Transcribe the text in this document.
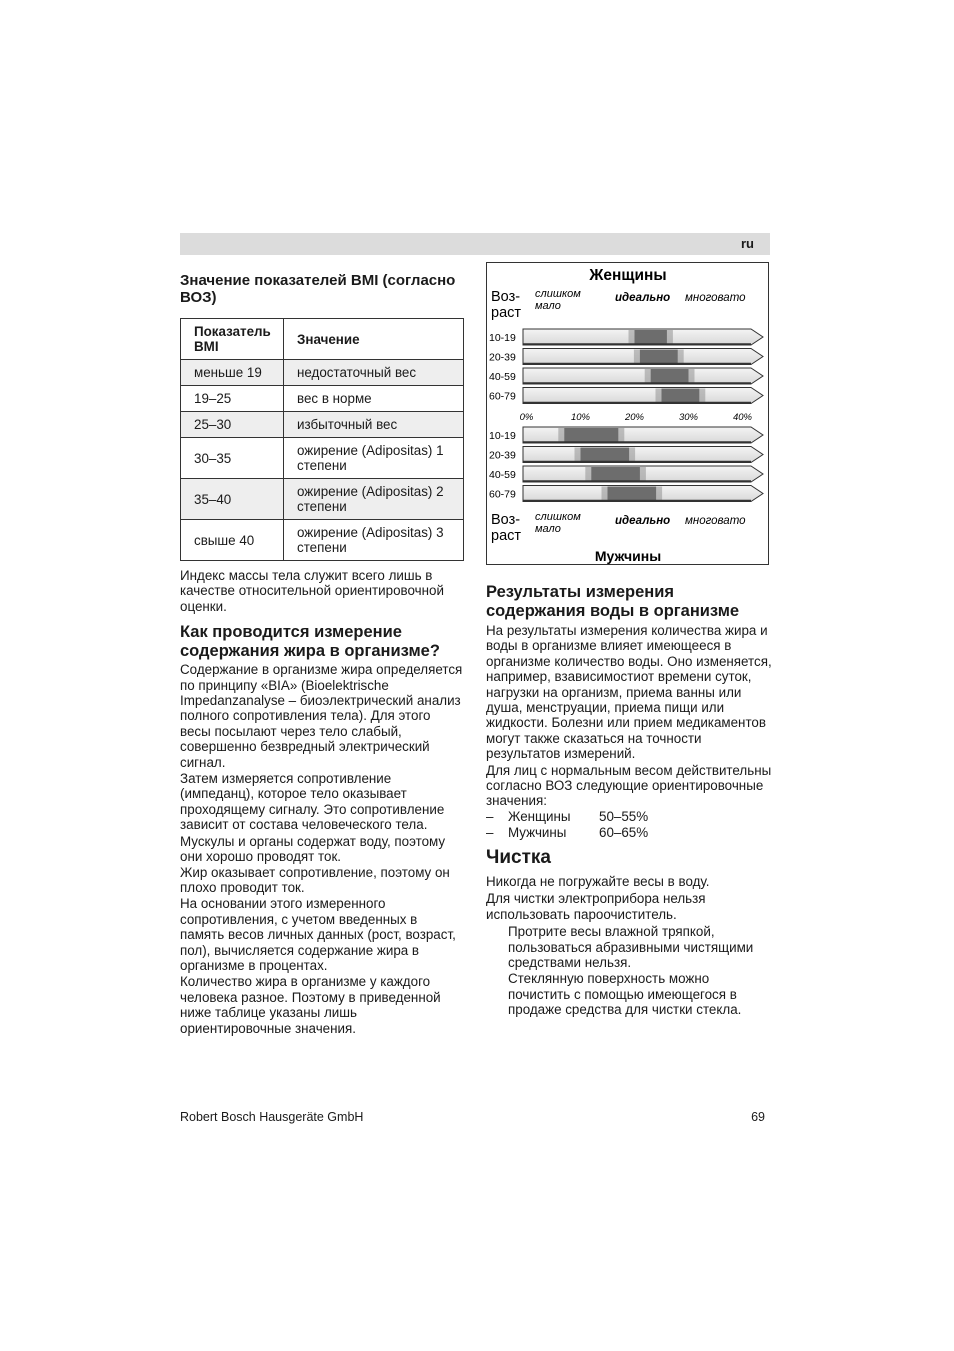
ru
Значение показателей BMI (согласно ВОЗ)
Показатель BMI	Значение
меньше 19	недостаточный вес
19–25	вес в норме
25–30	избыточный вес
30–35	ожирение (Adipositas) 1 степени
35–40	ожирение (Adipositas) 2 степени
свыше 40	ожирение (Adipositas) 3 степени

Индекс массы тела служит всего лишь в качестве относительной ориентировочной оценки.

Как проводится измерение содержания жира в организме?

Содержание в организме жира определяется по принципу «BIA» (Bioelektrische Impedanzanalyse – биоэлектрический анализ полного сопротивления тела). Для этого весы посылают через тело слабый, совершенно безвредный электрический сигнал.

Затем измеряется сопротивление (импеданц), которое тело оказывает проходящему сигналу. Это сопротивление зависит от состава человеческого тела.

Мускулы и органы содержат воду, поэтому они хорошо проводят ток.

Жир оказывает сопротивление, поэтому он плохо проводит ток.

На основании этого измеренного сопротивления, с учетом введенных в память весов личных данных (рост, возраст, пол), вычисляется содержание жира в организме в процентах.

Количество жира в организме у каждого человека разное. Поэтому в приведенной ниже таблице указаны лишь ориентировочные значения.

Женщины
Мужчины
Воз-раст
слишком мало
идеально многовато
Воз-раст
слишком мало
идеально многовато
10-19
20-39
40-59
60-79
0%	10%	20%	30%	40%
10-19
20-39
40-59
60-79
Результаты измерения содержания воды в организме

На результаты измерения количества жира и воды в организме влияет имеющееся в организме количество воды. Оно изменяется, например, взависимостиот времени суток, нагрузки на организм, приема ванны или душа, менструации, приема пищи или жидкости. Болезни или прием медикаментов могут также сказаться на точности результатов измерений.

Для лиц с нормальным весом действительны согласно ВОЗ следующие ориентировочные значения:

–	Женщины	50–55%
–	Мужчины	60–65%
Чистка

Никогда не погружайте весы в воду.

Для чистки электроприбора нельзя использовать пароочиститель.

Протрите весы влажной тряпкой, пользоваться абразивными чистящими средствами нельзя.

Стеклянную поверхность можно почистить с помощью имеющегося в продаже средства для чистки стекла.

Robert Bosch Hausgeräte GmbH	69
